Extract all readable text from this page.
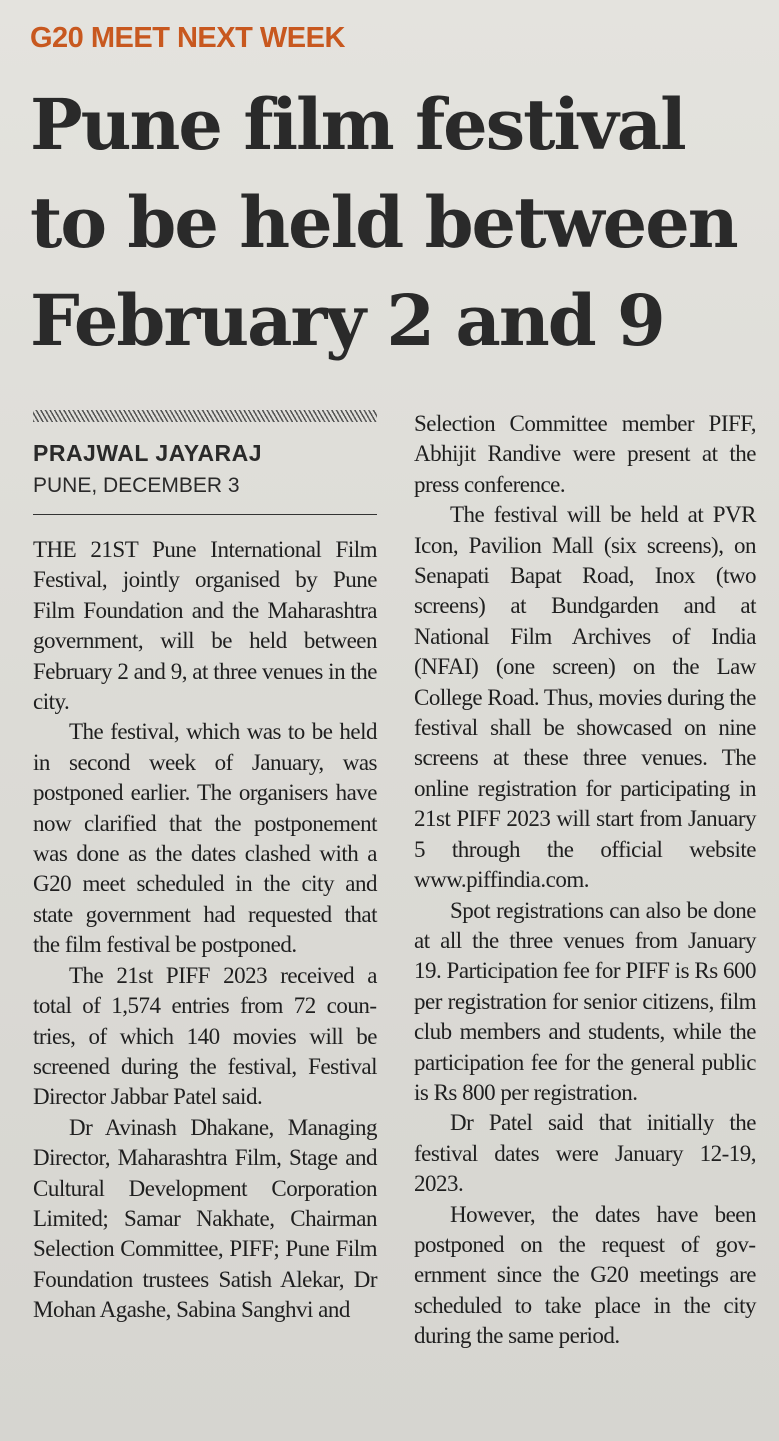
G20 MEET NEXT WEEK
Pune film festival
to be held between
February 2 and 9
PRAJWAL JAYARAJ
PUNE, DECEMBER 3

THE 21ST Pune International Film Festival, jointly organised by Pune Film Foundation and the Maharashtra government, will be held between February 2 and 9, at three venues in the city.

The festival, which was to be held in second week of January, was postponed earlier. The organisers have now clarified that the postponement was done as the dates clashed with a G20 meet scheduled in the city and state government had requested that the film festival be postponed.

The 21st PIFF 2023 received a total of 1,574 entries from 72 countries, of which 140 movies will be screened during the festival, Festival Director Jabbar Patel said.

Dr Avinash Dhakane, Managing Director, Maharashtra Film, Stage and Cultural Development Corporation Limited; Samar Nakhate, Chairman Selection Committee, PIFF; Pune Film Foundation trustees Satish Alekar, Dr Mohan Agashe, Sabina Sanghvi and

Selection Committee member PIFF, Abhijit Randive were present at the press conference.

The festival will be held at PVR Icon, Pavilion Mall (six screens), on Senapati Bapat Road, Inox (two screens) at Bundgarden and at National Film Archives of India (NFAI) (one screen) on the Law College Road. Thus, movies during the festival shall be showcased on nine screens at these three venues. The online registration for participating in 21st PIFF 2023 will start from January 5 through the official website www.piffindia.com.

Spot registrations can also be done at all the three venues from January 19. Participation fee for PIFF is Rs 600 per registration for senior citizens, film club members and students, while the participation fee for the general public is Rs 800 per registration.

Dr Patel said that initially the festival dates were January 12-19, 2023.

However, the dates have been postponed on the request of government since the G20 meetings are scheduled to take place in the city during the same period.
